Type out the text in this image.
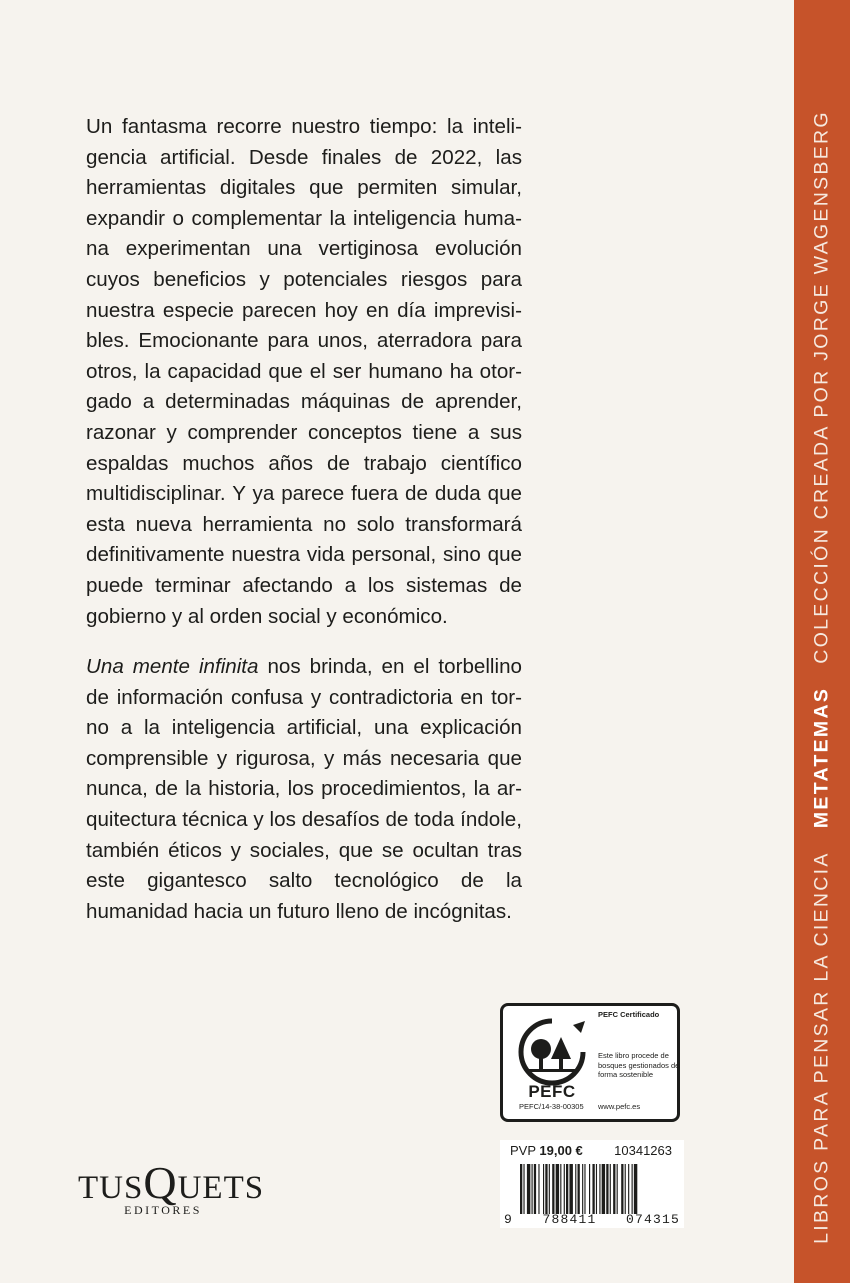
Un fantasma recorre nuestro tiempo: la inteligencia artificial. Desde finales de 2022, las herramientas digitales que permiten simular, expandir o complementar la inteligencia humana experimentan una vertiginosa evolución cuyos beneficios y potenciales riesgos para nuestra especie parecen hoy en día imprevisibles. Emocionante para unos, aterradora para otros, la capacidad que el ser humano ha otorgado a determinadas máquinas de aprender, razonar y comprender conceptos tiene a sus espaldas muchos años de trabajo científico multidisciplinar. Y ya parece fuera de duda que esta nueva herramienta no solo transformará definitivamente nuestra vida personal, sino que puede terminar afectando a los sistemas de gobierno y al orden social y económico.

Una mente infinita nos brinda, en el torbellino de información confusa y contradictoria en torno a la inteligencia artificial, una explicación comprensible y rigurosa, y más necesaria que nunca, de la historia, los procedimientos, la arquitectura técnica y los desafíos de toda índole, también éticos y sociales, que se ocultan tras este gigantesco salto tecnológico de la humanidad hacia un futuro lleno de incógnitas.	LIBROS PARA PENSAR LA CIENCIA   METATEMAS   COLECCIÓN CREADA POR JORGE WAGENSBERG
TUSQUETS
EDITORES
PEFC
PEFC/14-38-00305
PEFC Certificado
Este libro procede de bosques gestionados de forma sostenible
www.pefc.es
PVP 19,00 € 10341263
9 788411 074315
